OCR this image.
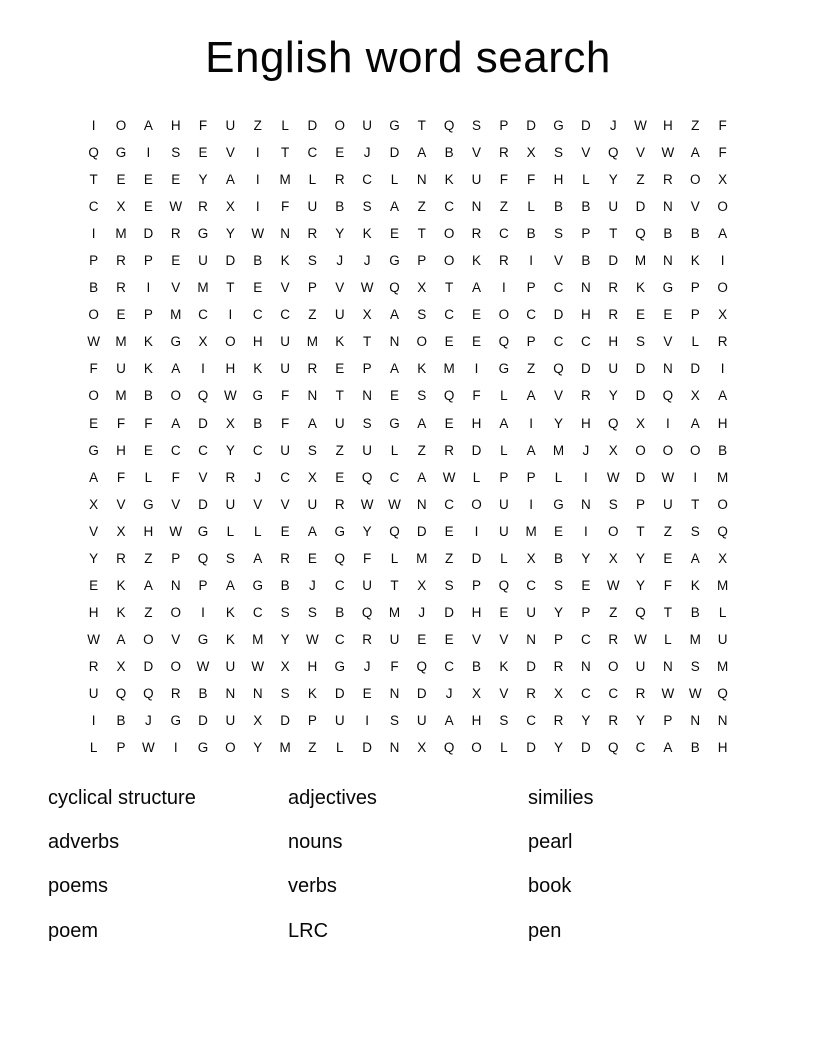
English word search
I	O	A	H	F	U	Z	L	D	O	U	G	T	Q	S	P	D	G	D	J	W	H	Z	F
Q	G	I	S	E	V	I	T	C	E	J	D	A	B	V	R	X	S	V	Q	V	W	A	F
T	E	E	E	Y	A	I	M	L	R	C	L	N	K	U	F	F	H	L	Y	Z	R	O	X
C	X	E	W	R	X	I	F	U	B	S	A	Z	C	N	Z	L	B	B	U	D	N	V	O
I	M	D	R	G	Y	W	N	R	Y	K	E	T	O	R	C	B	S	P	T	Q	B	B	A
P	R	P	E	U	D	B	K	S	J	J	G	P	O	K	R	I	V	B	D	M	N	K	I
B	R	I	V	M	T	E	V	P	V	W	Q	X	T	A	I	P	C	N	R	K	G	P	O
O	E	P	M	C	I	C	C	Z	U	X	A	S	C	E	O	C	D	H	R	E	E	P	X
W	M	K	G	X	O	H	U	M	K	T	N	O	E	E	Q	P	C	C	H	S	V	L	R
F	U	K	A	I	H	K	U	R	E	P	A	K	M	I	G	Z	Q	D	U	D	N	D	I
O	M	B	O	Q	W	G	F	N	T	N	E	S	Q	F	L	A	V	R	Y	D	Q	X	A
E	F	F	A	D	X	B	F	A	U	S	G	A	E	H	A	I	Y	H	Q	X	I	A	H
G	H	E	C	C	Y	C	U	S	Z	U	L	Z	R	D	L	A	M	J	X	O	O	O	B
A	F	L	F	V	R	J	C	X	E	Q	C	A	W	L	P	P	L	I	W	D	W	I	M
X	V	G	V	D	U	V	V	U	R	W	W	N	C	O	U	I	G	N	S	P	U	T	O
V	X	H	W	G	L	L	E	A	G	Y	Q	D	E	I	U	M	E	I	O	T	Z	S	Q
Y	R	Z	P	Q	S	A	R	E	Q	F	L	M	Z	D	L	X	B	Y	X	Y	E	A	X
E	K	A	N	P	A	G	B	J	C	U	T	X	S	P	Q	C	S	E	W	Y	F	K	M
H	K	Z	O	I	K	C	S	S	B	Q	M	J	D	H	E	U	Y	P	Z	Q	T	B	L
W	A	O	V	G	K	M	Y	W	C	R	U	E	E	V	V	N	P	C	R	W	L	M	U
R	X	D	O	W	U	W	X	H	G	J	F	Q	C	B	K	D	R	N	O	U	N	S	M
U	Q	Q	R	B	N	N	S	K	D	E	N	D	J	X	V	R	X	C	C	R	W	W	Q
I	B	J	G	D	U	X	D	P	U	I	S	U	A	H	S	C	R	Y	R	Y	P	N	N
L	P	W	I	G	O	Y	M	Z	L	D	N	X	Q	O	L	D	Y	D	Q	C	A	B	H
cyclical structure
adverbs
poems
poem
adjectives
nouns
verbs
LRC
similies
pearl
book
pen
